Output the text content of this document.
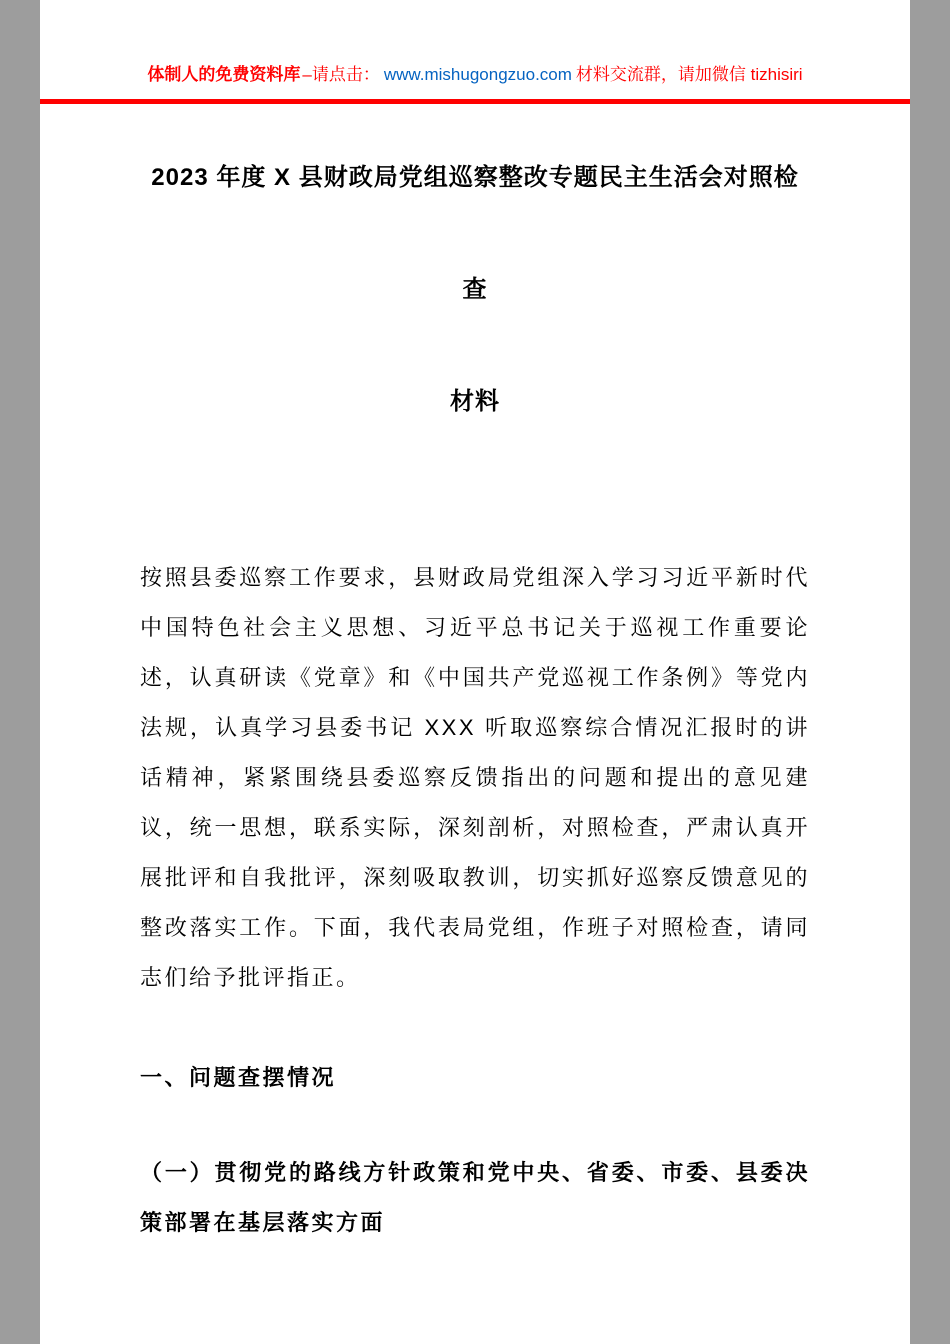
体制人的免费资料库 –请点击： www.mishugongzuo.com 材料交流群，请加微信 tizhisiri
2023 年度 X 县财政局党组巡察整改专题民主生活会对照检查
材料

按照县委巡察工作要求，县财政局党组深入学习习近平新时代中国特色社会主义思想、习近平总书记关于巡视工作重要论述，认真研读《党章》和《中国共产党巡视工作条例》等党内法规，认真学习县委书记 XXX 听取巡察综合情况汇报时的讲话精神，紧紧围绕县委巡察反馈指出的问题和提出的意见建议，统一思想，联系实际，深刻剖析，对照检查，严肃认真开展批评和自我批评，深刻吸取教训，切实抓好巡察反馈意见的整改落实工作。下面，我代表局党组，作班子对照检查，请同志们给予批评指正。

一、问题查摆情况
（一）贯彻党的路线方针政策和党中央、省委、市委、县委决策部署在基层落实方面
